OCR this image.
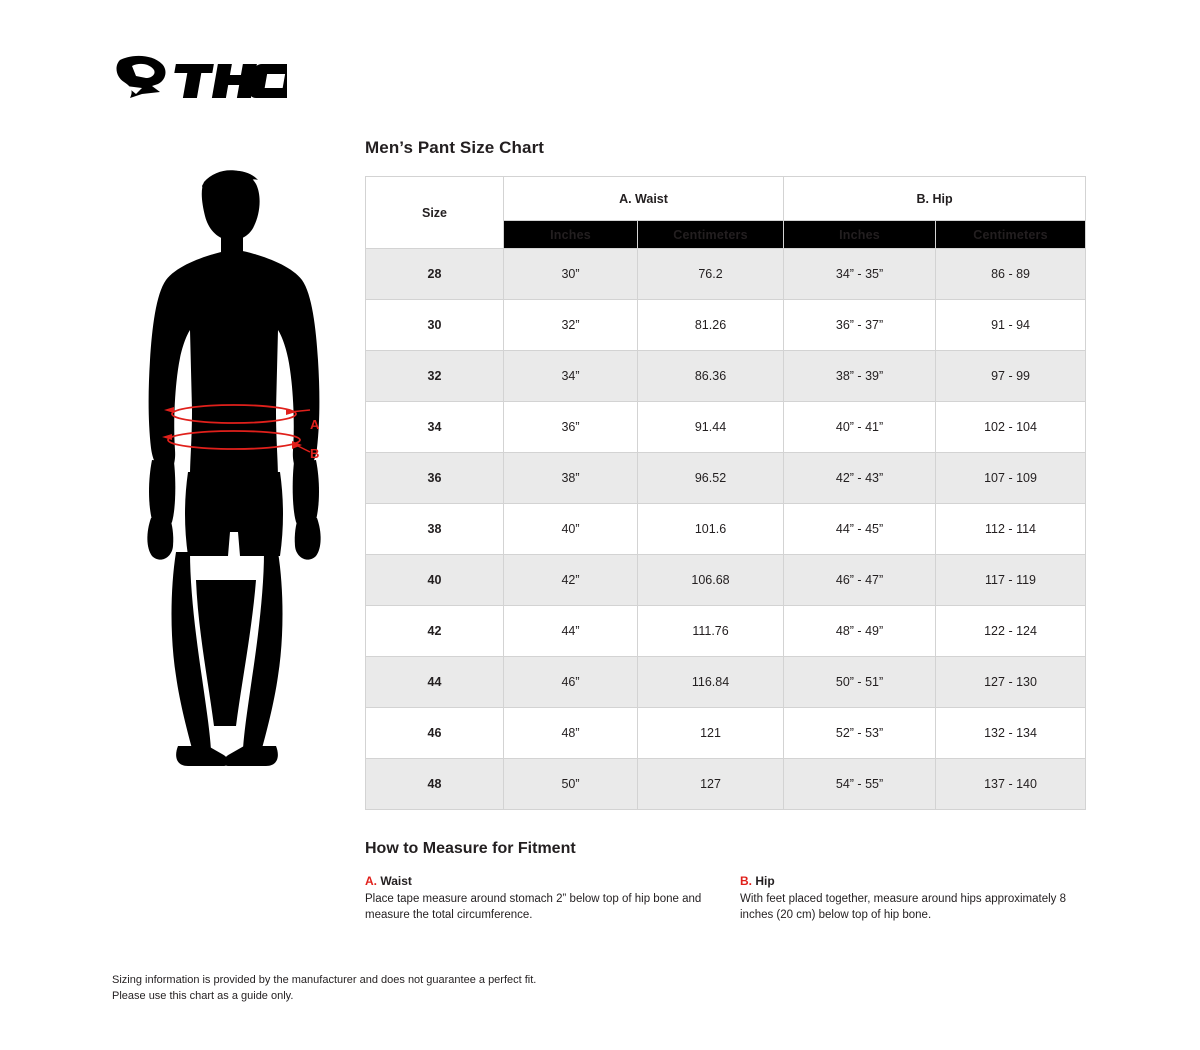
A
B
Men’s Pant Size Chart
Size	A. Waist		B. Hip	
	Inches	Centimeters	Inches	Centimeters
28	30”	76.2	34” - 35”	86 - 89
30	32”	81.26	36” - 37”	91 - 94
32	34”	86.36	38” - 39”	97 - 99
34	36”	91.44	40” - 41”	102 - 104
36	38”	96.52	42” - 43”	107 - 109
38	40”	101.6	44” - 45”	112 - 114
40	42”	106.68	46” - 47”	117 - 119
42	44”	111.76	48” - 49”	122 - 124
44	46”	116.84	50” - 51”	127 - 130
46	48”	121	52” - 53”	132 - 134
48	50”	127	54” - 55”	137 - 140
How to Measure for Fitment
A. Waist

Place tape measure around stomach 2” below top of hip bone and measure the total circumference.

B. Hip

With feet placed together, measure around hips approximately 8 inches (20 cm) below top of hip bone.

Sizing information is provided by the manufacturer and does not guarantee a perfect fit.
Please use this chart as a guide only.
